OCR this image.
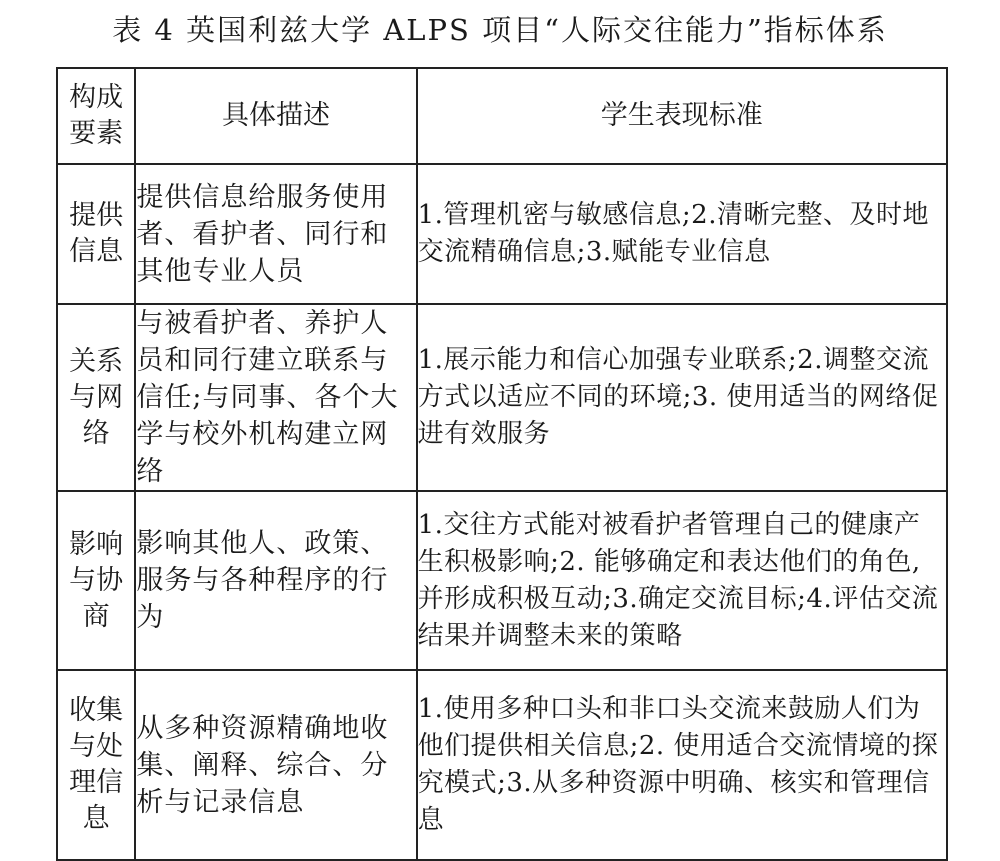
表 4 英国利兹大学 ALPS 项目“人际交往能力”指标体系
构成要素	具体描述	学生表现标准

提供信息	提供信息给服务使用者、看护者、同行和其他专业人员	1.管理机密与敏感信息;2.清晰完整、及时地交流精确信息;3.赋能专业信息

关系与网络	与被看护者、养护人员和同行建立联系与信任;与同事、各个大学与校外机构建立网络	1.展示能力和信心加强专业联系;2.调整交流方式以适应不同的环境;3. 使用适当的网络促进有效服务

影响与协商	影响其他人、政策、服务与各种程序的行为	1.交往方式能对被看护者管理自己的健康产生积极影响;2. 能够确定和表达他们的角色,并形成积极互动;3.确定交流目标;4.评估交流结果并调整未来的策略

收集与处理信息	从多种资源精确地收集、阐释、综合、分析与记录信息	1.使用多种口头和非口头交流来鼓励人们为他们提供相关信息;2. 使用适合交流情境的探究模式;3.从多种资源中明确、核实和管理信息
